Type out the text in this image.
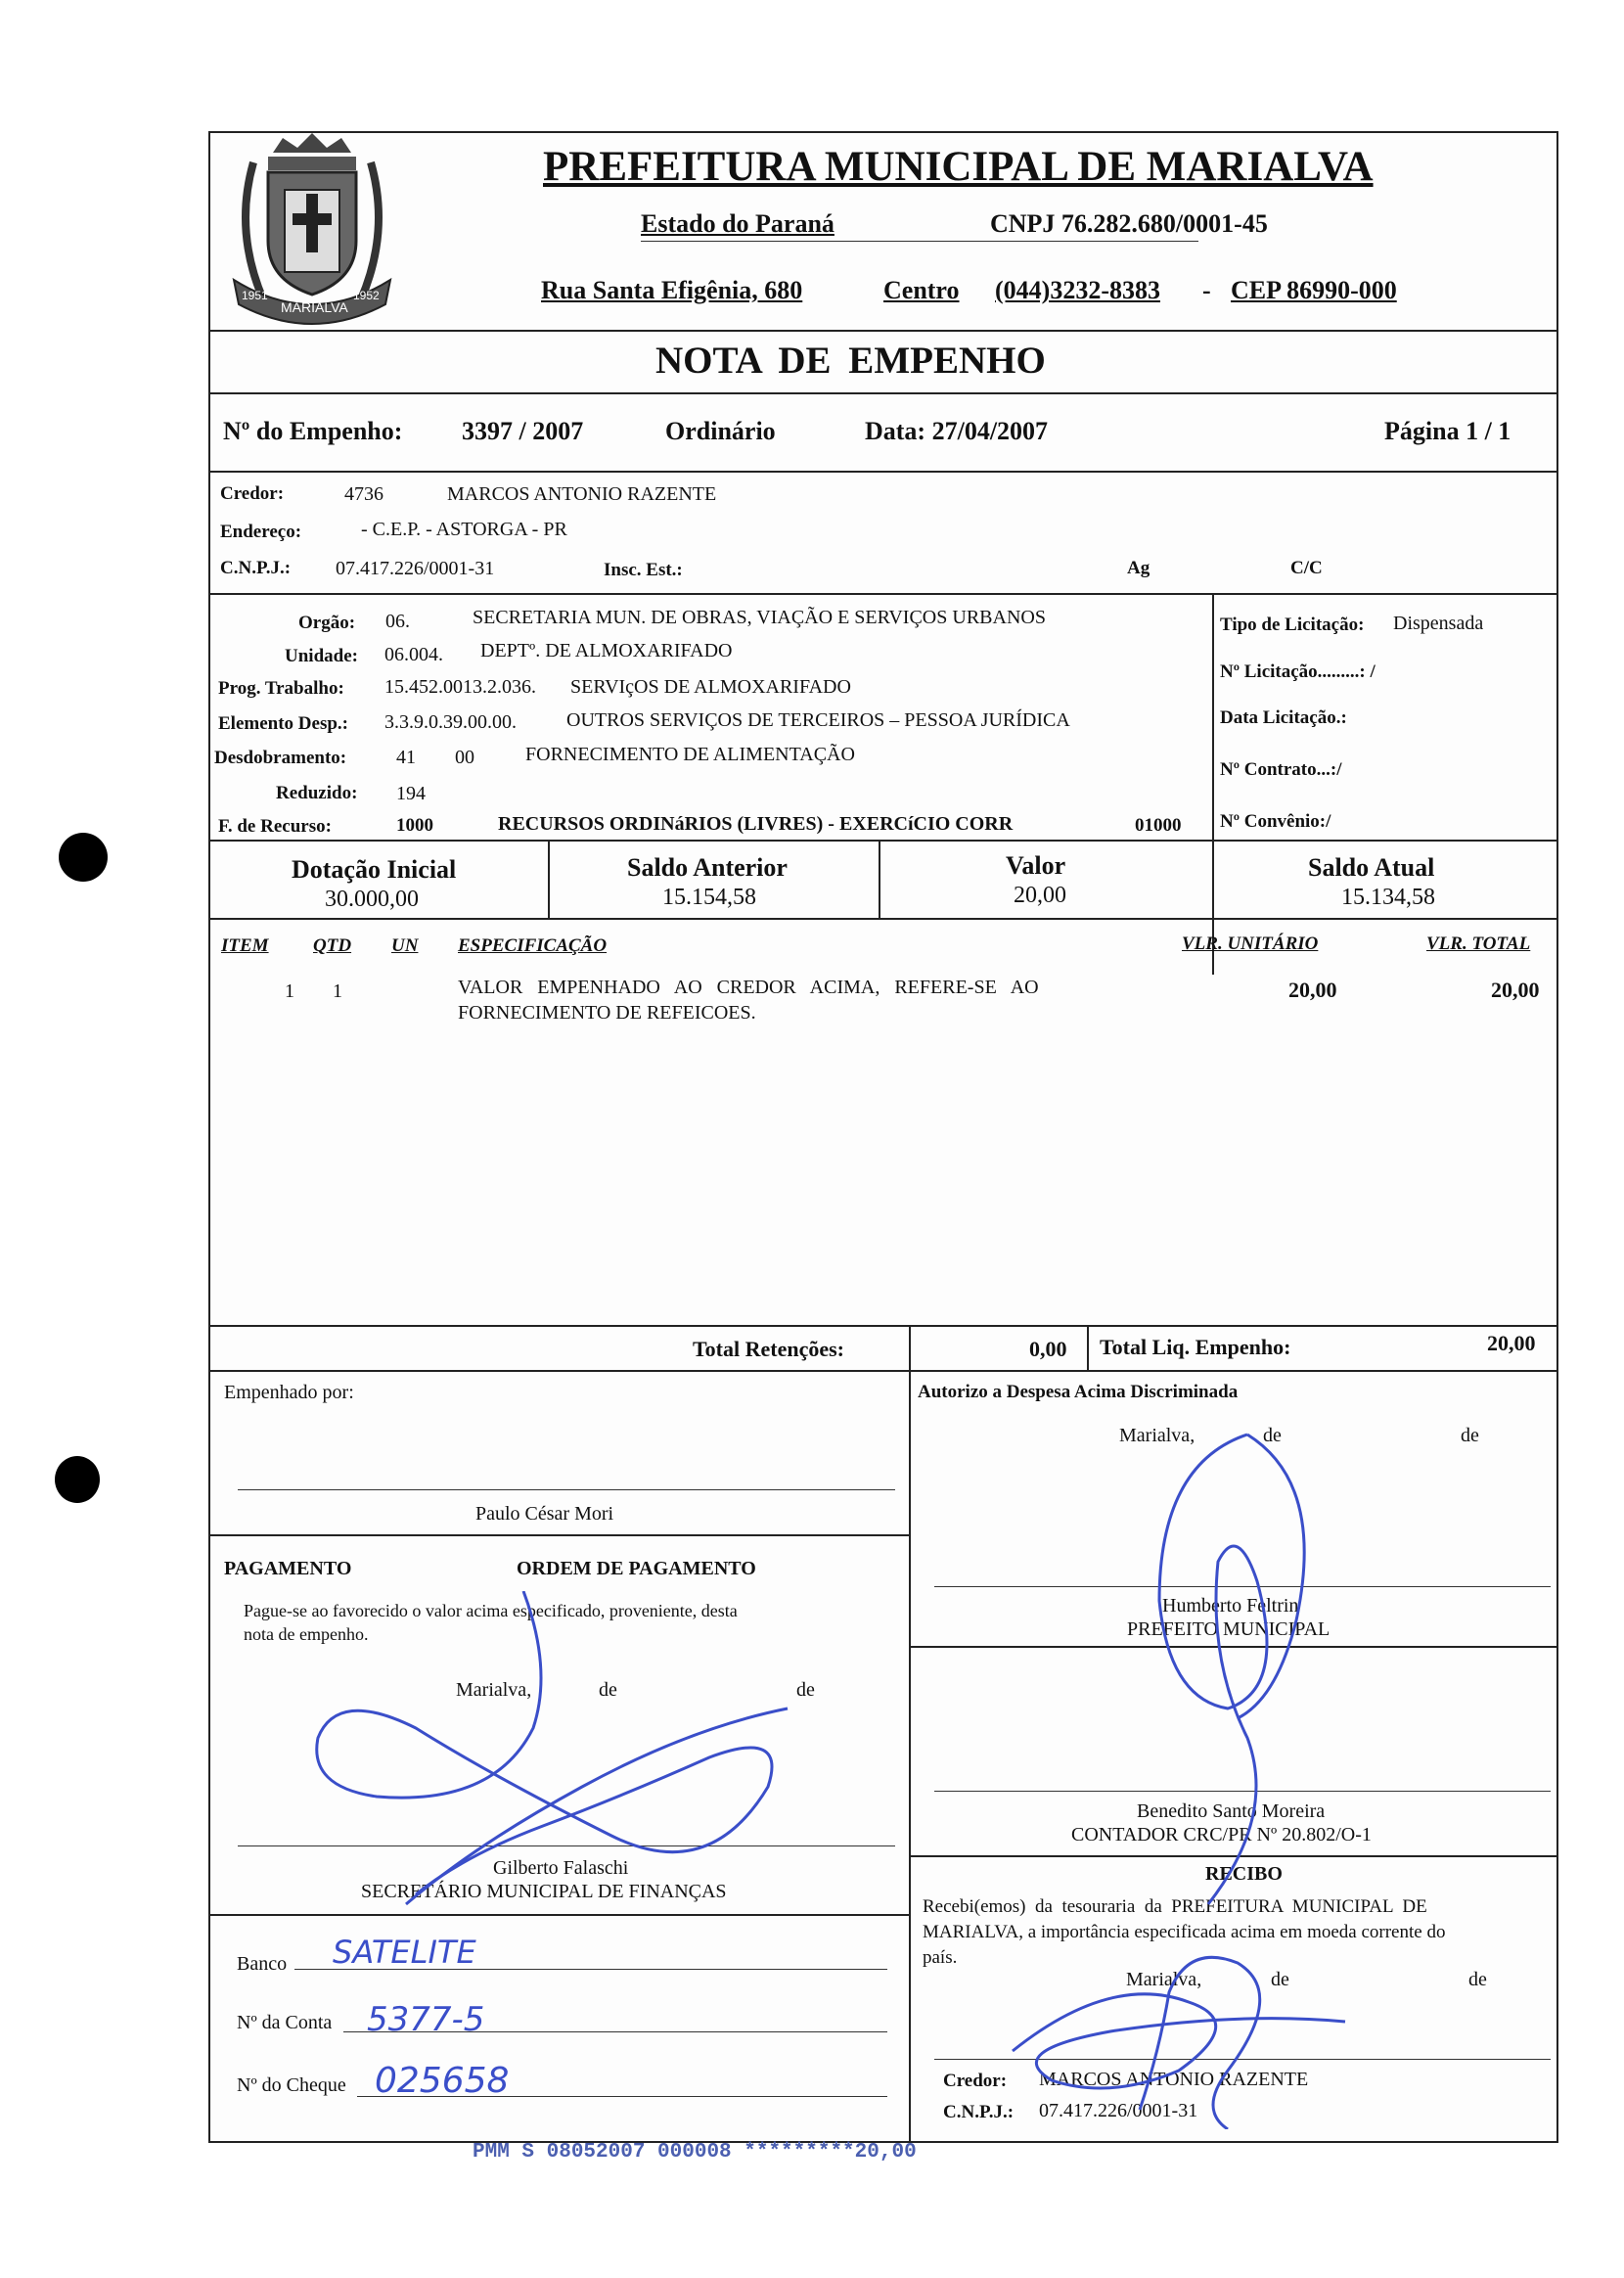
1951
MARIALVA
1952
PREFEITURA MUNICIPAL DE MARIALVA
Estado do Paraná	CNPJ 76.282.680/0001-45
Rua Santa Efigênia, 680	Centro (044)3232-8383 - CEP 86990-000
NOTA DE EMPENHO
Nº do Empenho: 3397 / 2007	Ordinário	Data: 27/04/2007	Página 1 / 1
Credor:	4736	MARCOS ANTONIO RAZENTE
Endereço:	- C.E.P. - ASTORGA - PR
C.N.P.J.: 07.417.226/0001-31	Insc. Est.:	Ag	C/C
Orgão: 06.	SECRETARIA MUN. DE OBRAS, VIAÇÃO E SERVIÇOS URBANOS
Unidade: 06.004. DEPTº. DE ALMOXARIFADO
Prog. Trabalho: 15.452.0013.2.036. SERVIçOS DE ALMOXARIFADO
Elemento Desp.: 3.3.9.0.39.00.00.	OUTROS SERVIÇOS DE TERCEIROS – PESSOA JURÍDICA
Desdobramento:	41 00	FORNECIMENTO DE ALIMENTAÇÃO
Reduzido: 194
F. de Recurso:	1000	RECURSOS ORDINáRIOS (LIVRES) - EXERCíCIO CORR	01000
Tipo de Licitação: Dispensada
Nº Licitação.........: /
Data Licitação.:
Nº Contrato...:/
Nº Convênio:/
Dotação Inicial
30.000,00
Saldo Anterior
15.154,58
Valor
20,00
Saldo Atual
15.134,58
ITEM QTD UN ESPECIFICAÇÃO	VLR. UNITÁRIO	VLR. TOTAL
1 1	VALOR   EMPENHADO   AO   CREDOR   ACIMA,   REFERE-SE   AO
FORNECIMENTO DE REFEICOES.
20,00	20,00
Total Retenções:	0,00 Total Liq. Empenho:	20,00
Empenhado por:
Paulo César Mori
PAGAMENTO	ORDEM DE PAGAMENTO
Pague-se ao favorecido o valor acima especificado, proveniente, desta
nota de empenho.
Marialva,	de	de
Gilberto Falaschi
SECRETÁRIO MUNICIPAL DE FINANÇAS
Banco SATELITE
Nº da Conta 5377-5
Nº do Cheque 025658
Autorizo a Despesa Acima Discriminada
Marialva,	de	de
Humberto Feltrin
PREFEITO MUNICIPAL
Benedito Santo Moreira
CONTADOR CRC/PR Nº 20.802/O-1
RECIBO
Recebi(emos)  da  tesouraria  da  PREFEITURA  MUNICIPAL  DE
MARIALVA, a importância especificada acima em moeda corrente do
país.
Marialva,	de	de
Credor: MARCOS ANTONIO RAZENTE
C.N.P.J.: 07.417.226/0001-31
PMM S 08052007 000008 *********20,00
